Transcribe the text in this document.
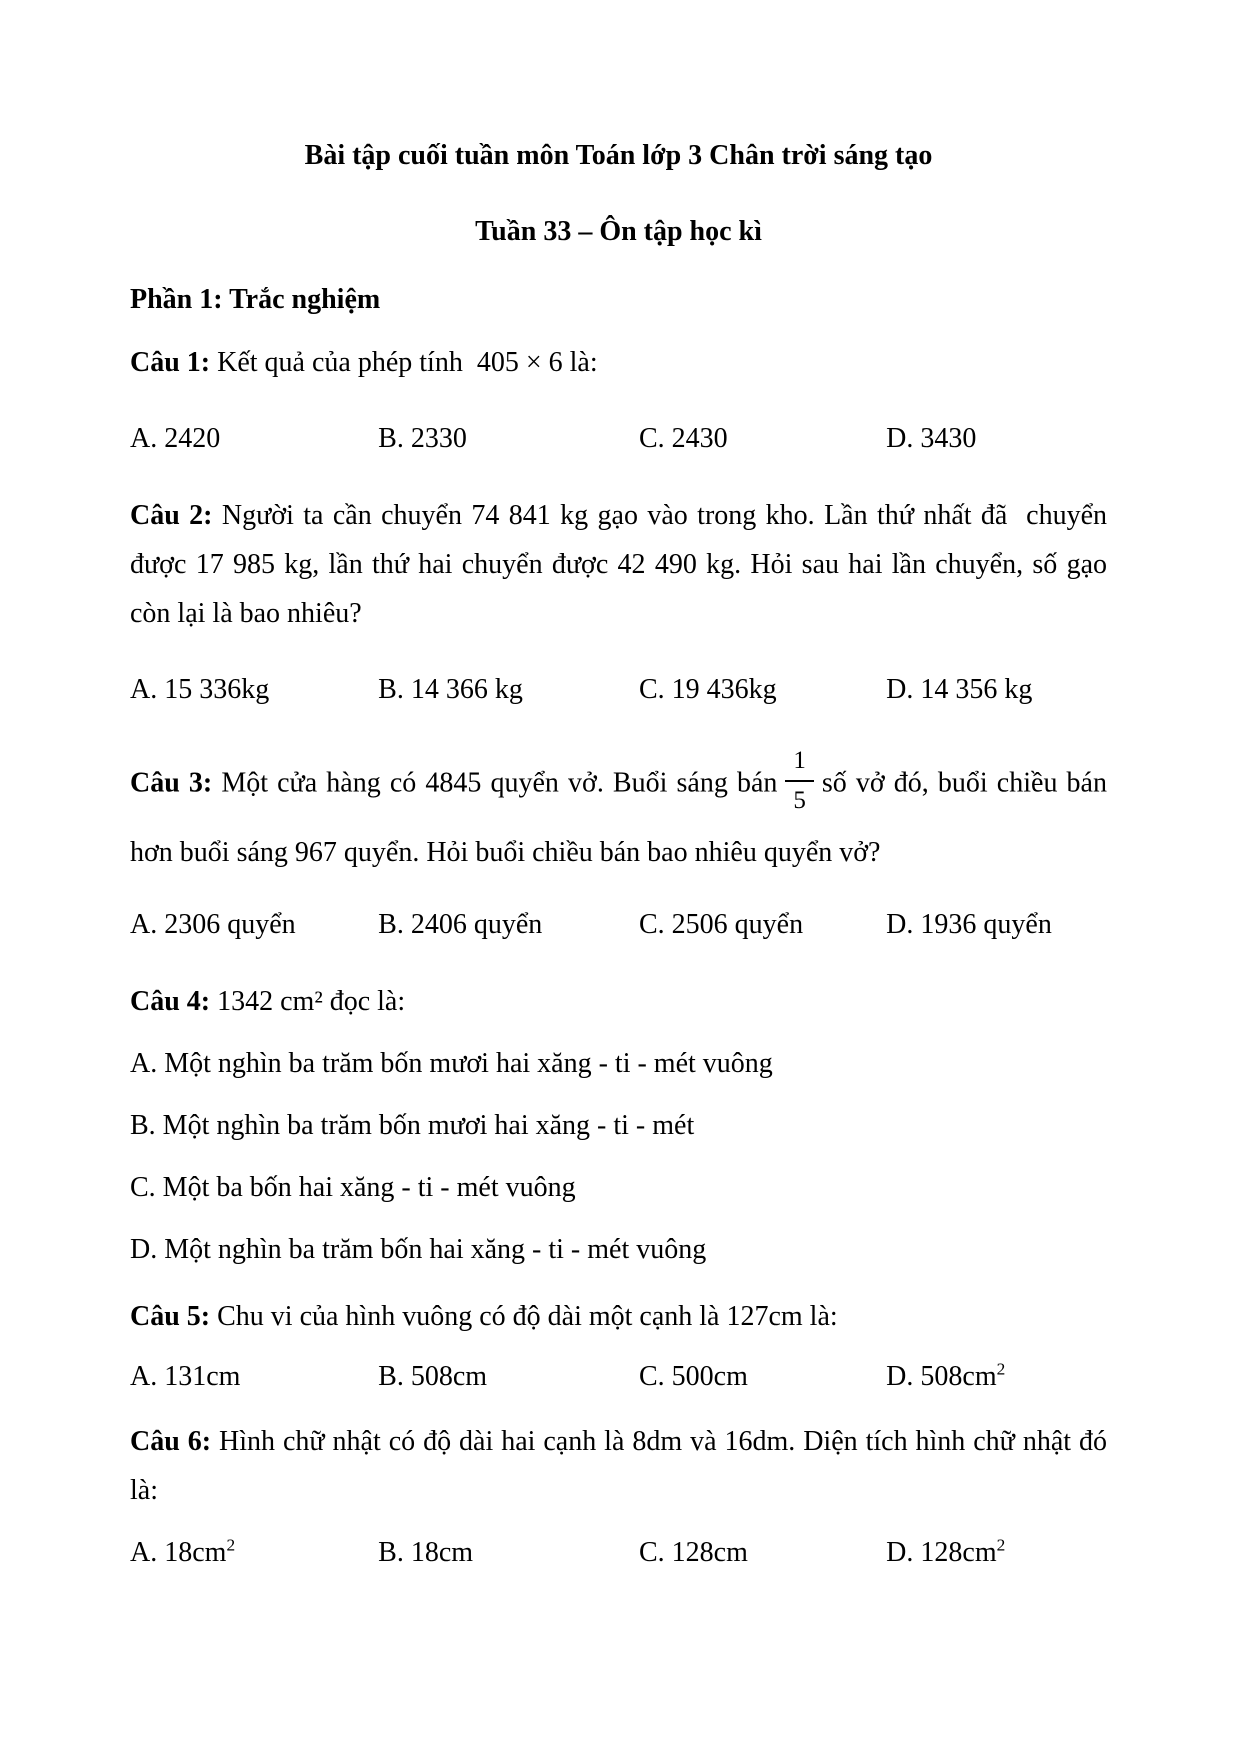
Bài tập cuối tuần môn Toán lớp 3 Chân trời sáng tạo
Tuần 33 – Ôn tập học kì
Phần 1: Trắc nghiệm

Câu 1: Kết quả của phép tính  405 × 6 là:

A. 2420	B. 2330	C. 2430	D. 3430

Câu 2: Người ta cần chuyển 74 841 kg gạo vào trong kho. Lần thứ nhất đã  chuyển được 17 985 kg, lần thứ hai chuyển được 42 490 kg. Hỏi sau hai lần chuyển, số gạo còn lại là bao nhiêu?

A. 15 336kg	B. 14 366 kg	C. 19 436kg	D. 14 356 kg

Câu 3: Một cửa hàng có 4845 quyển vở. Buổi sáng bán $\frac{1}{5}$ số vở đó, buổi chiều bán hơn buổi sáng 967 quyển. Hỏi buổi chiều bán bao nhiêu quyển vở?

A. 2306 quyển	B. 2406 quyển	C. 2506 quyển	D. 1936 quyển

Câu 4: 1342 cm² đọc là:

A. Một nghìn ba trăm bốn mươi hai xăng - ti - mét vuông
B. Một nghìn ba trăm bốn mươi hai xăng - ti - mét
C. Một ba bốn hai xăng - ti - mét vuông
D. Một nghìn ba trăm bốn hai xăng - ti - mét vuông

Câu 5: Chu vi của hình vuông có độ dài một cạnh là 127cm là:

A. 131cm	B. 508cm	C. 500cm	D. $508cm^2$

Câu 6: Hình chữ nhật có độ dài hai cạnh là 8dm và 16dm. Diện tích hình chữ nhật đó là:

A. $18cm^2$	B. 18cm	C. 128cm	D. $128cm^2$
